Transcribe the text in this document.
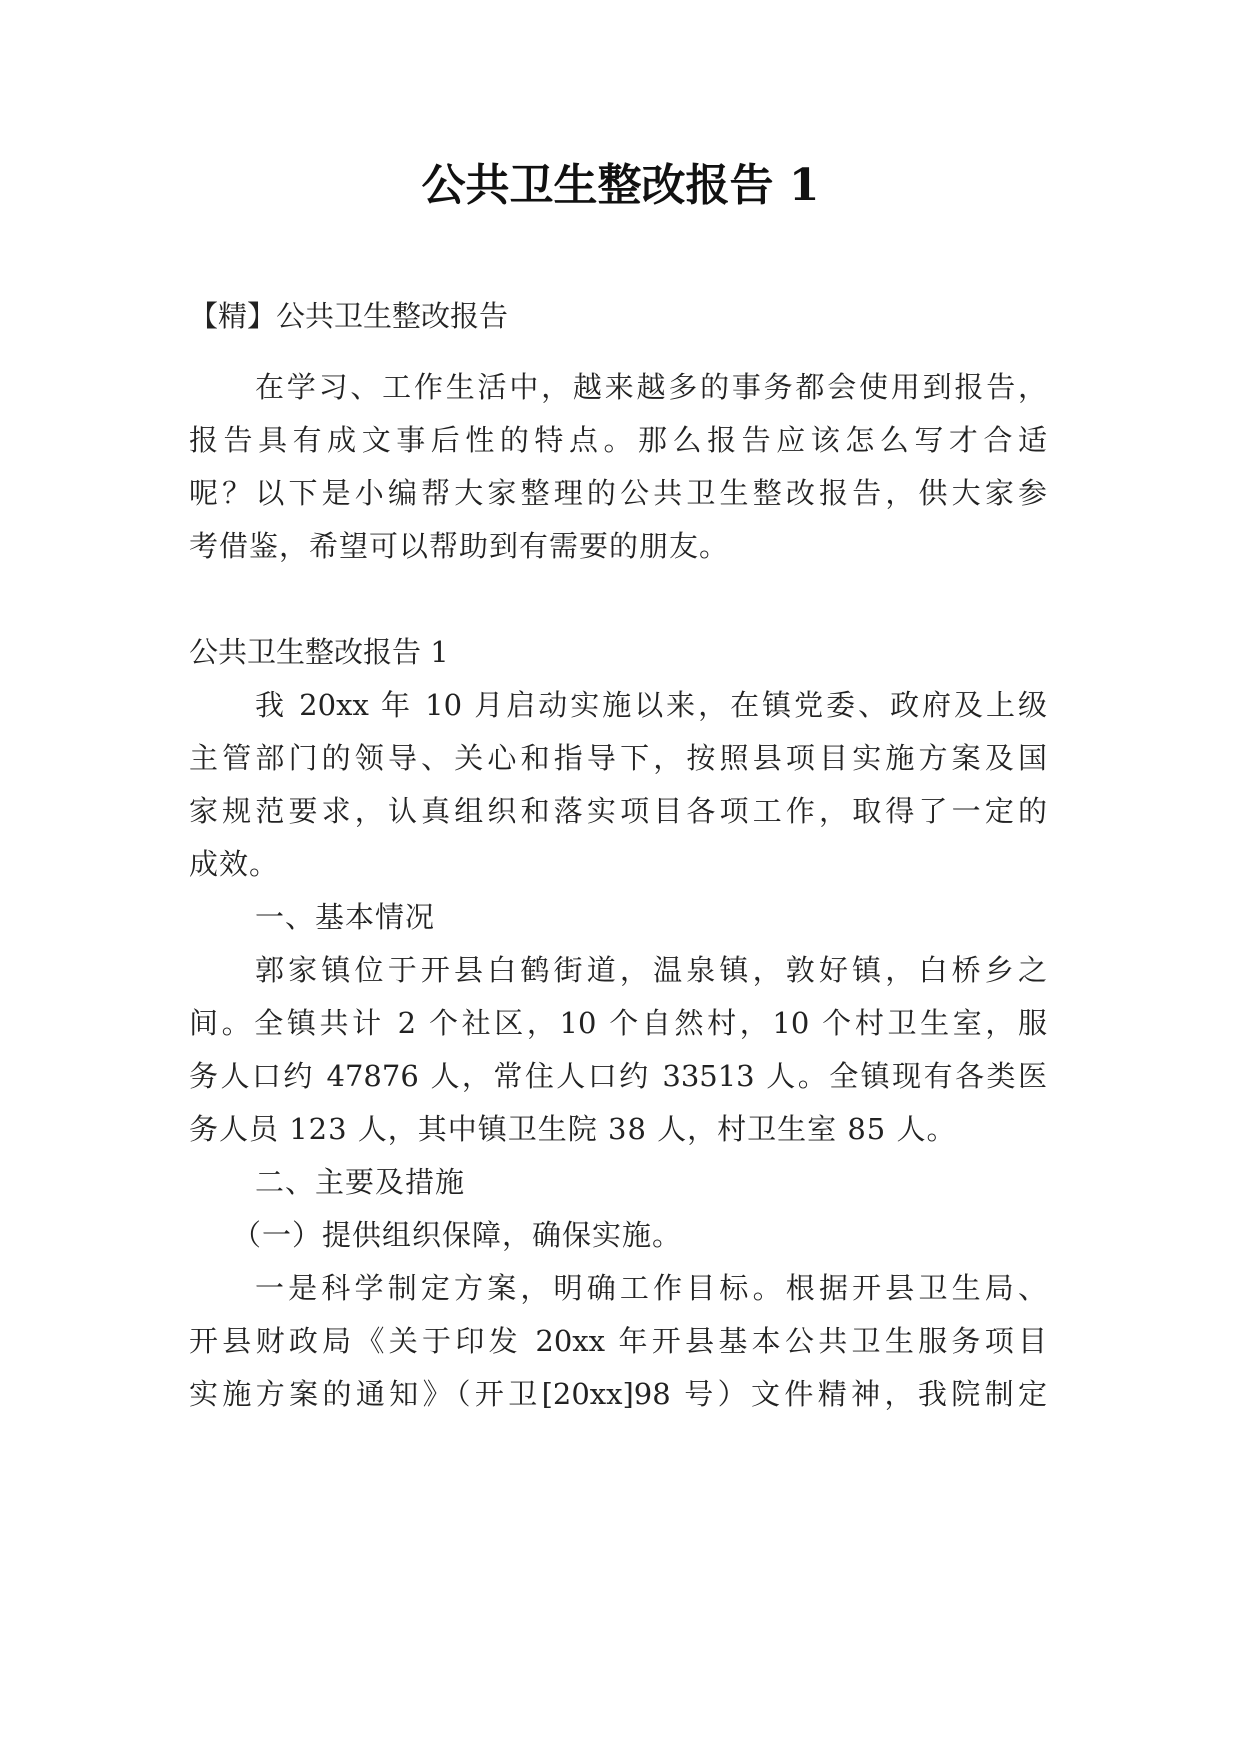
公共卫生整改报告 1
【精】公共卫生整改报告
在学习、工作生活中，越来越多的事务都会使用到报告，
报告具有成文事后性的特点。那么报告应该怎么写才合适
呢？以下是小编帮大家整理的公共卫生整改报告，供大家参
考借鉴，希望可以帮助到有需要的朋友。
公共卫生整改报告 1
我 20xx 年 10 月启动实施以来，在镇党委、政府及上级
主管部门的领导、关心和指导下，按照县项目实施方案及国
家规范要求，认真组织和落实项目各项工作，取得了一定的
成效。
一、基本情况
郭家镇位于开县白鹤街道，温泉镇，敦好镇，白桥乡之
间。全镇共计 2 个社区，10 个自然村，10 个村卫生室，服
务人口约 47876 人，常住人口约 33513 人。全镇现有各类医
务人员 123 人，其中镇卫生院 38 人，村卫生室 85 人。
二、主要及措施
（一）提供组织保障，确保实施。
一是科学制定方案，明确工作目标。根据开县卫生局、
开县财政局《关于印发 20xx 年开县基本公共卫生服务项目
实施方案的通知》（开卫[20xx]98 号）文件精神，我院制定
